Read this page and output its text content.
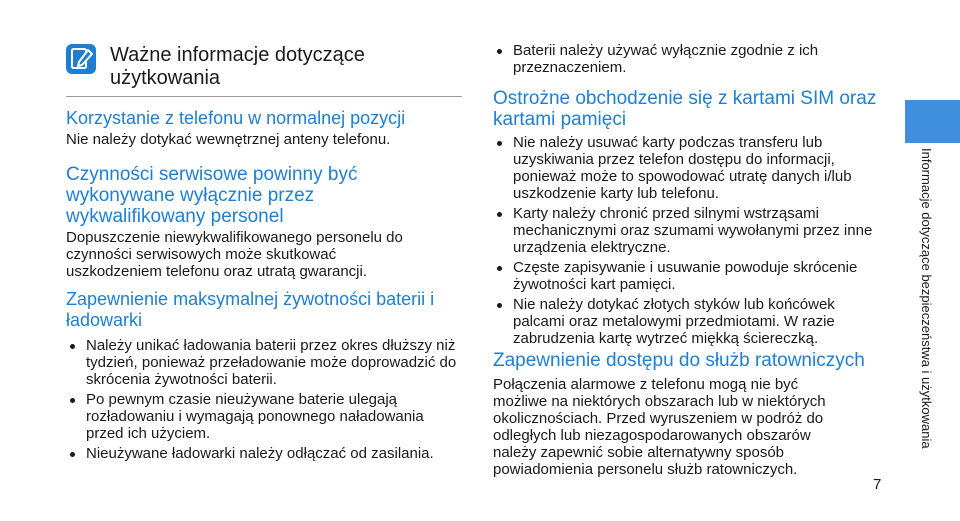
Ważne informacje dotyczące użytkowania
Korzystanie z telefonu w normalnej pozycji

Nie należy dotykać wewnętrznej anteny telefonu.

Czynności serwisowe powinny być wykonywane wyłącznie przez wykwalifikowany personel

Dopuszczenie niewykwalifikowanego personelu do czynności serwisowych może skutkować uszkodzeniem telefonu oraz utratą gwarancji.

Zapewnienie maksymalnej żywotności baterii i ładowarki
Należy unikać ładowania baterii przez okres dłuższy niż tydzień, ponieważ przeładowanie może doprowadzić do skrócenia żywotności baterii.
Po pewnym czasie nieużywane baterie ulegają rozładowaniu i wymagają ponownego naładowania przed ich użyciem.
Nieużywane ładowarki należy odłączać od zasilania.
Baterii należy używać wyłącznie zgodnie z ich przeznaczeniem.
Ostrożne obchodzenie się z kartami SIM oraz kartami pamięci
Nie należy usuwać karty podczas transferu lub uzyskiwania przez telefon dostępu do informacji, ponieważ może to spowodować utratę danych i/lub uszkodzenie karty lub telefonu.
Karty należy chronić przed silnymi wstrząsami mechanicznymi oraz szumami wywołanymi przez inne urządzenia elektryczne.
Częste zapisywanie i usuwanie powoduje skrócenie żywotności kart pamięci.
Nie należy dotykać złotych styków lub końcówek palcami oraz metalowymi przedmiotami. W razie zabrudzenia kartę wytrzeć miękką ściereczką.
Zapewnienie dostępu do służb ratowniczych

Połączenia alarmowe z telefonu mogą nie być możliwe na niektórych obszarach lub w niektórych okolicznościach. Przed wyruszeniem w podróż do odległych lub niezagospodarowanych obszarów należy zapewnić sobie alternatywny sposób powiadomienia personelu służb ratowniczych.

Informacje dotyczące bezpieczeństwa i użytkowania
7
